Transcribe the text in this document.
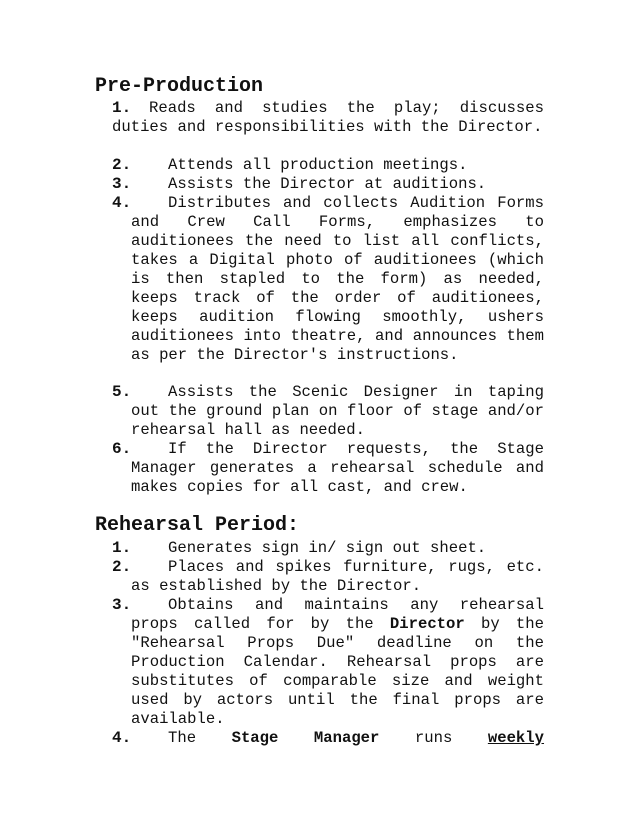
Pre-Production
1.	Reads and studies the play; discusses duties and responsibilities with the Director.

2.	Attends all production meetings.

3.	Assists the Director at auditions.

4.	Distributes and collects Audition Forms and Crew Call Forms, emphasizes to auditionees the need to list all conflicts, takes a Digital photo of auditionees (which is then stapled to the form) as needed, keeps track of the order of auditionees, keeps audition flowing smoothly, ushers auditionees into theatre, and announces them as per the Director's instructions.

5.	Assists the Scenic Designer in taping out the ground plan on floor of stage and/or rehearsal hall as needed.

6.	If the Director requests, the Stage Manager generates a rehearsal schedule and makes copies for all cast, and crew.

Rehearsal Period:
1.	Generates sign in/ sign out sheet.

2.	Places and spikes furniture, rugs, etc. as established by the Director.

3.	Obtains and maintains any rehearsal props called for by the Director by the "Rehearsal Props Due" deadline on the Production Calendar. Rehearsal props are substitutes of comparable size and weight used by actors until the final props are available.

4.	The Stage Manager runs weekly
